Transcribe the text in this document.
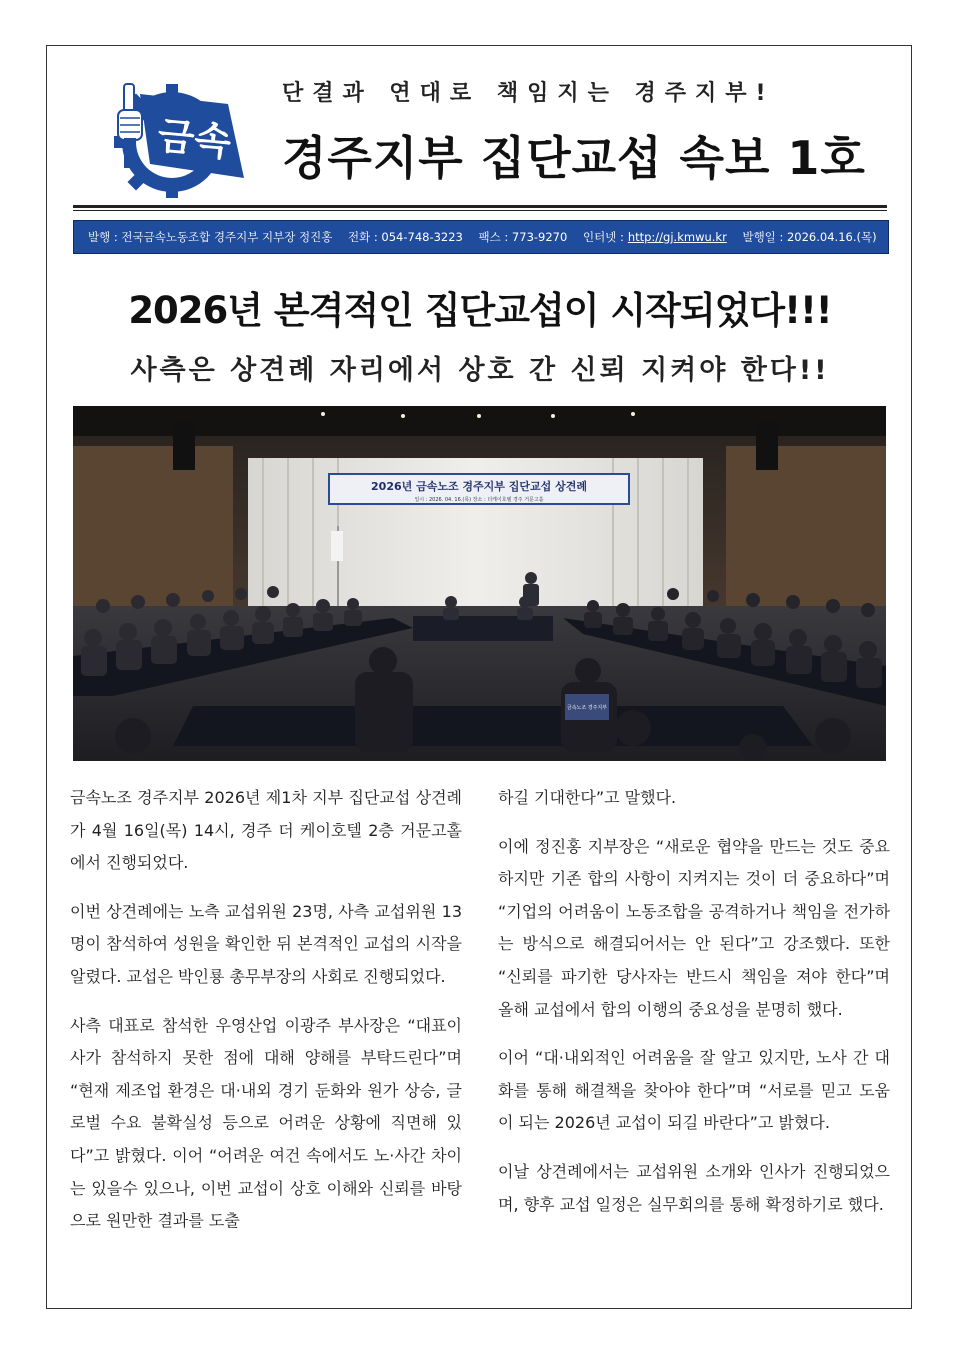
금속
단결과 연대로 책임지는 경주지부!
경주지부 집단교섭 속보 1호
발행 : 전국금속노동조합 경주지부 지부장 정진홍 전화 : 054-748-3223 팩스 : 773-9270 인터넷 : http://gj.kmwu.kr 발행일 : 2026.04.16.(목)
2026년 본격적인 집단교섭이 시작되었다!!!
사측은 상견례 자리에서 상호 간 신뢰 지켜야 한다!!
2026년 금속노조 경주지부 집단교섭 상견례
일시 : 2026. 04. 16.(목) 장소 : 더케이호텔 경주 거문고홀
금속노조 경주지부

금속노조 경주지부 2026년 제1차 지부 집단교섭 상견례가 4월 16일(목) 14시, 경주 더 케이호텔 2층 거문고홀에서 진행되었다.

이번 상견례에는 노측 교섭위원 23명, 사측 교섭위원 13명이 참석하여 성원을 확인한 뒤 본격적인 교섭의 시작을 알렸다. 교섭은 박인룡 총무부장의 사회로 진행되었다.

사측 대표로 참석한 우영산업 이광주 부사장은 “대표이사가 참석하지 못한 점에 대해 양해를 부탁드린다”며 “현재 제조업 환경은 대·내외 경기 둔화와 원가 상승, 글로벌 수요 불확실성 등으로 어려운 상황에 직면해 있다”고 밝혔다. 이어 “어려운 여건 속에서도 노·사간 차이는 있을수 있으나, 이번 교섭이 상호 이해와 신뢰를 바탕으로 원만한 결과를 도출

하길 기대한다”고 말했다.

이에 정진홍 지부장은 “새로운 협약을 만드는 것도 중요하지만 기존 합의 사항이 지켜지는 것이 더 중요하다”며 “기업의 어려움이 노동조합을 공격하거나 책임을 전가하는 방식으로 해결되어서는 안 된다”고 강조했다. 또한 “신뢰를 파기한 당사자는 반드시 책임을 져야 한다”며 올해 교섭에서 합의 이행의 중요성을 분명히 했다.

이어 “대·내외적인 어려움을 잘 알고 있지만, 노사 간 대화를 통해 해결책을 찾아야 한다”며 “서로를 믿고 도움이 되는 2026년 교섭이 되길 바란다”고 밝혔다.

이날 상견례에서는 교섭위원 소개와 인사가 진행되었으며, 향후 교섭 일정은 실무회의를 통해 확정하기로 했다.
